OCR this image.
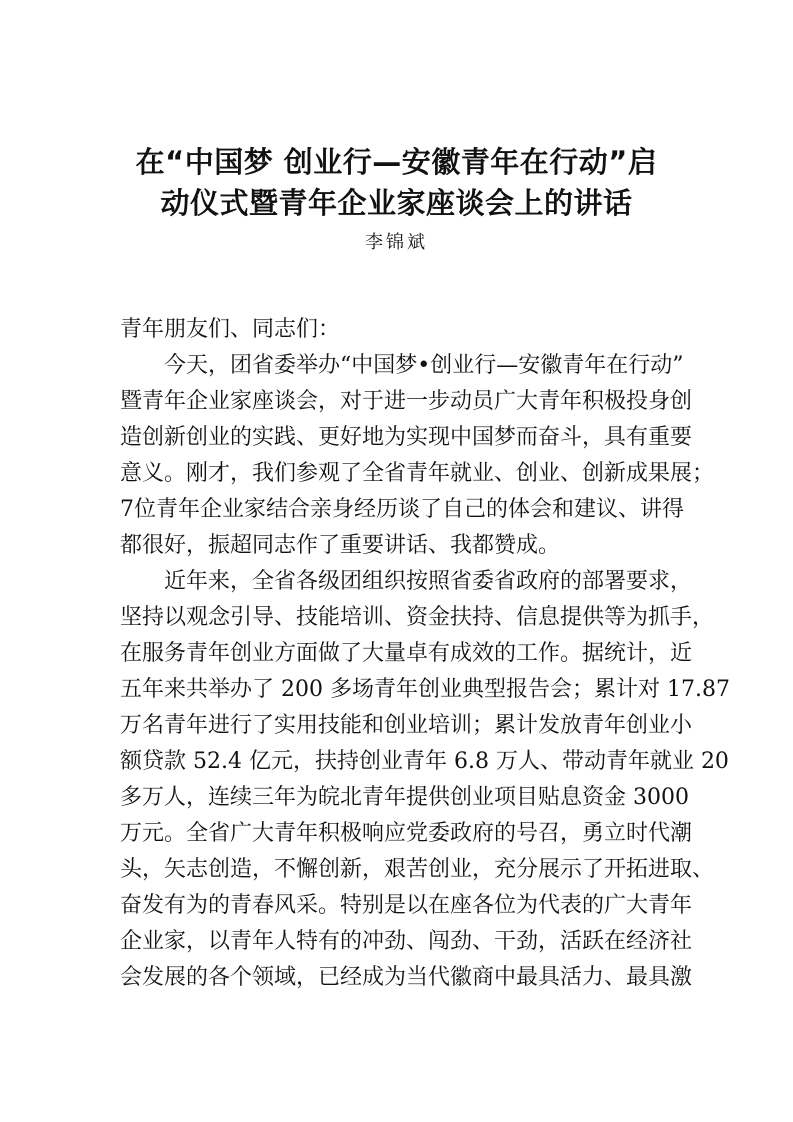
在“中国梦 创业行—安徽青年在行动”启
动仪式暨青年企业家座谈会上的讲话
李锦斌
青年朋友们、同志们：
今天，团省委举办“中国梦•创业行—安徽青年在行动”
暨青年企业家座谈会，对于进一步动员广大青年积极投身创
造创新创业的实践、更好地为实现中国梦而奋斗，具有重要
意义。刚才，我们参观了全省青年就业、创业、创新成果展；
7位青年企业家结合亲身经历谈了自己的体会和建议、讲得
都很好，振超同志作了重要讲话、我都赞成。
近年来，全省各级团组织按照省委省政府的部署要求，
坚持以观念引导、技能培训、资金扶持、信息提供等为抓手，
在服务青年创业方面做了大量卓有成效的工作。据统计，近
五年来共举办了 200 多场青年创业典型报告会；累计对 17.87
万名青年进行了实用技能和创业培训；累计发放青年创业小
额贷款 52.4 亿元，扶持创业青年 6.8 万人、带动青年就业 20
多万人，连续三年为皖北青年提供创业项目贴息资金 3000
万元。全省广大青年积极响应党委政府的号召，勇立时代潮
头，矢志创造，不懈创新，艰苦创业，充分展示了开拓进取、
奋发有为的青春风采。特别是以在座各位为代表的广大青年
企业家，以青年人特有的冲劲、闯劲、干劲，活跃在经济社
会发展的各个领域，已经成为当代徽商中最具活力、最具激
